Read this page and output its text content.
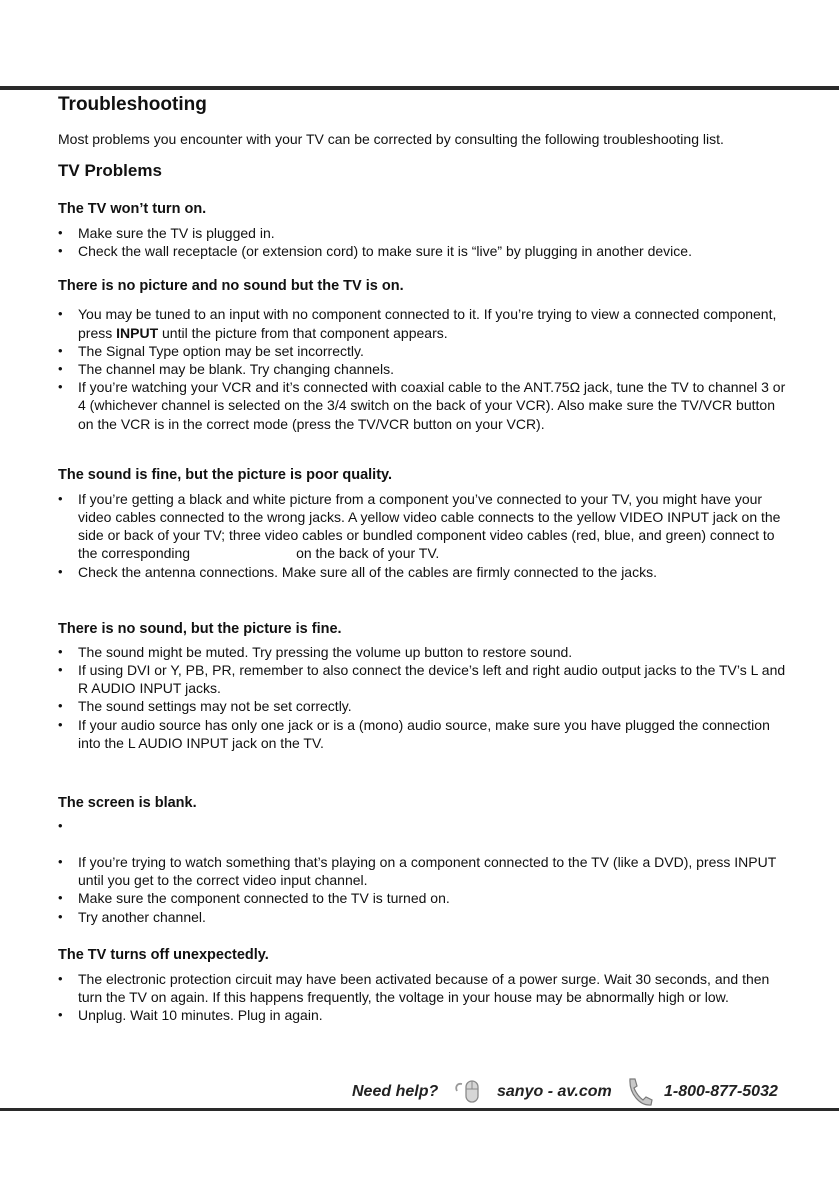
Troubleshooting

Most problems you encounter with your TV can be corrected by consulting the following troubleshooting list.

TV Problems
The TV won’t turn on.
• Make sure the TV is plugged in.
• Check the wall receptacle (or extension cord) to make sure it is “live” by plugging in another device.
There is no picture and no sound but the TV is on.
• You may be tuned to an input with no component connected to it. If you’re trying to view a connected component, press INPUT until the picture from that component appears.
• The Signal Type option may be set incorrectly.
• The channel may be blank. Try changing channels.
• If you’re watching your VCR and it’s connected with coaxial cable to the ANT.75Ω jack, tune the TV to channel 3 or 4 (whichever channel is selected on the 3/4 switch on the back of your VCR). Also make sure the TV/VCR button on the VCR is in the correct mode (press the TV/VCR button on your VCR).
The sound is fine, but the picture is poor quality.
• If you’re getting a black and white picture from a component you’ve connected to your TV, you might have your video cables connected to the wrong jacks. A yellow video cable connects to the yellow VIDEO INPUT jack on the side or back of your TV; three video cables or bundled component video cables (red, blue, and green) connect to the corresponding	on the back of your TV.
• Check the antenna connections. Make sure all of the cables are firmly connected to the jacks.
There is no sound, but the picture is fine.
• The sound might be muted. Try pressing the volume up button to restore sound.
• If using DVI or Y, PB, PR, remember to also connect the device’s left and right audio output jacks to the TV’s L and R AUDIO INPUT jacks.
• The sound settings may not be set correctly.
• If your audio source has only one jack or is a (mono) audio source, make sure you have plugged the connection into the L AUDIO INPUT jack on the TV.
The screen is blank.
•
• If you’re trying to watch something that’s playing on a component connected to the TV (like a DVD), press INPUT until you get to the correct video input channel.
• Make sure the component connected to the TV is turned on.
• Try another channel.
The TV turns off unexpectedly.
• The electronic protection circuit may have been activated because of a power surge. Wait 30 seconds, and then turn the TV on again. If this happens frequently, the voltage in your house may be abnormally high or low.
• Unplug. Wait 10 minutes. Plug in again.
Need help?	sanyo - av.com	1-800-877-5032
